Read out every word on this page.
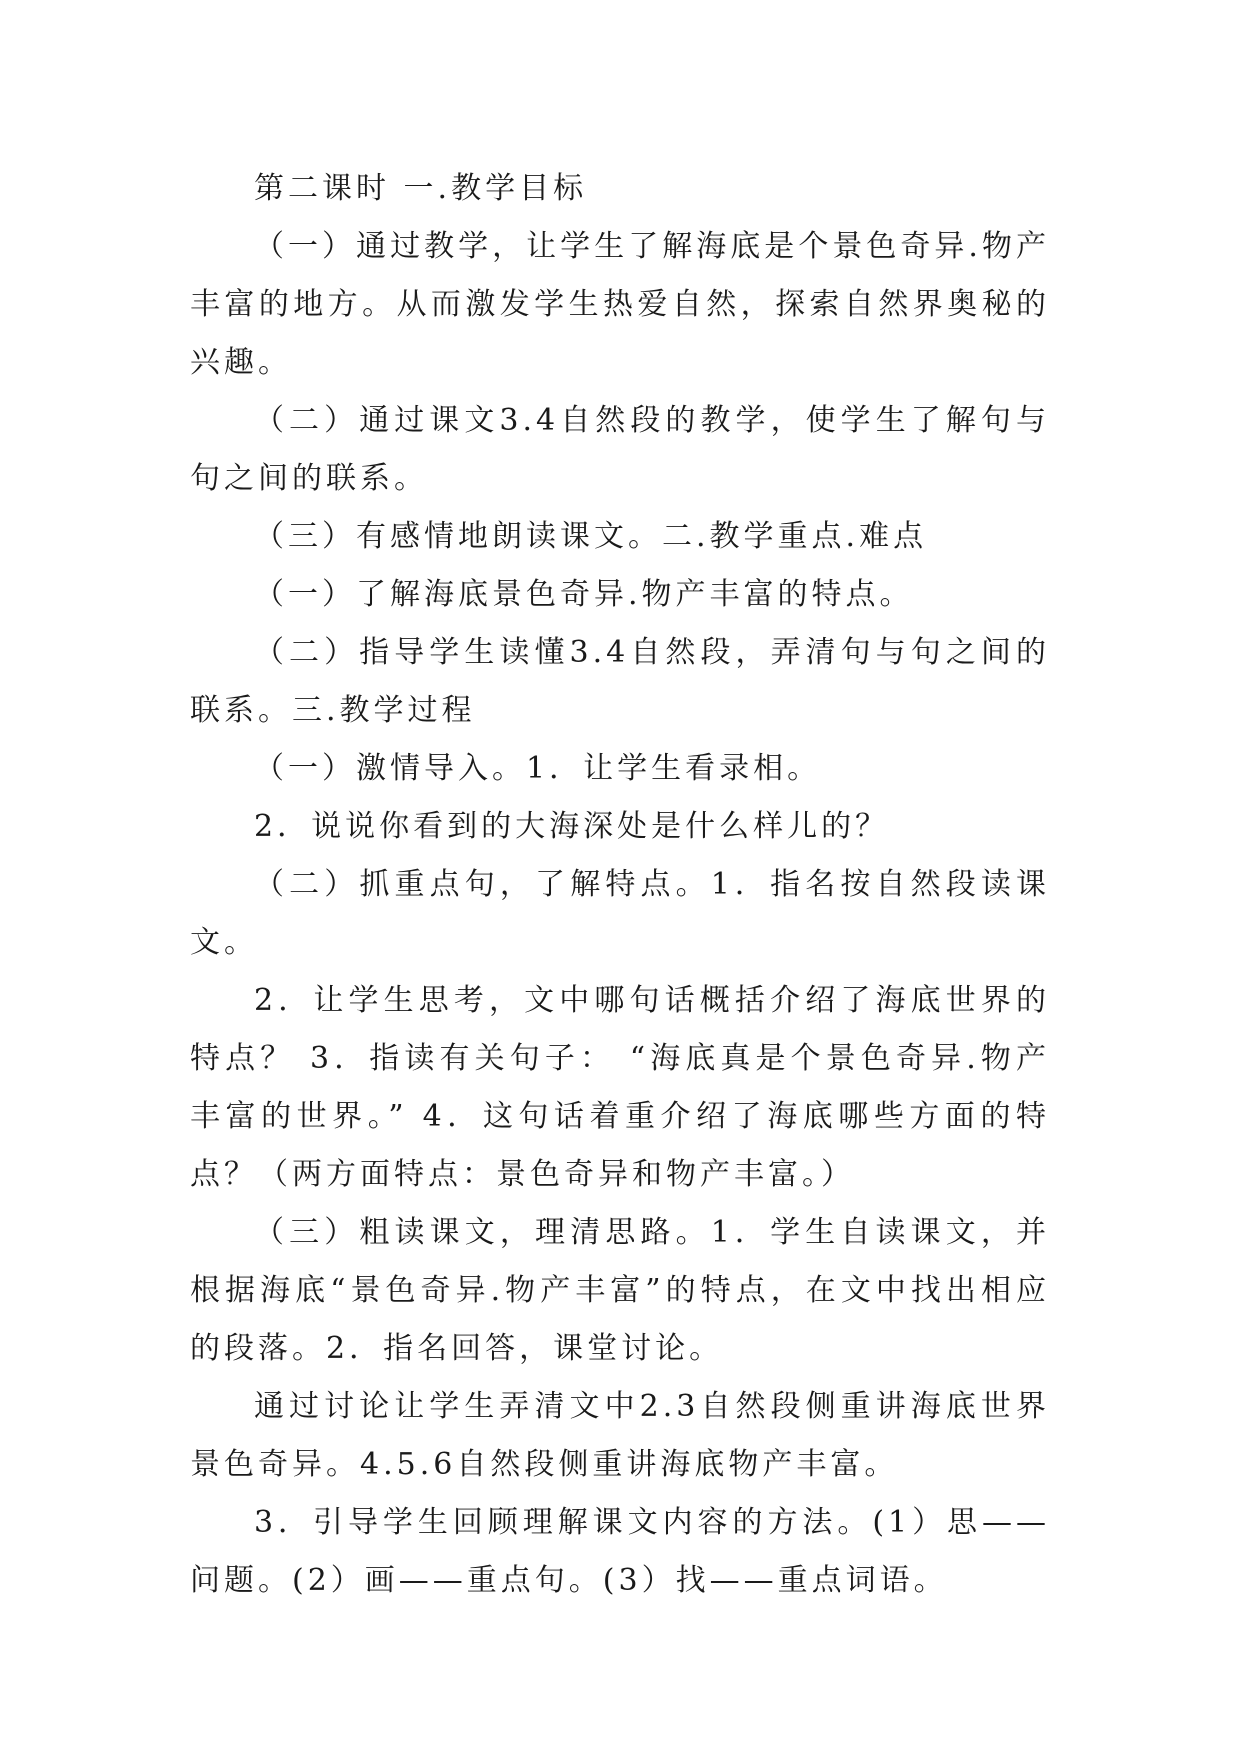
第二课时 一.教学目标

（一）通过教学，让学生了解海底是个景色奇异.物产丰富的地方。从而激发学生热爱自然，探索自然界奥秘的兴趣。

（二）通过课文3.4自然段的教学，使学生了解句与句之间的联系。

（三）有感情地朗读课文。二.教学重点.难点

（一）了解海底景色奇异.物产丰富的特点。

（二）指导学生读懂3.4自然段，弄清句与句之间的联系。三.教学过程

（一）激情导入。1．让学生看录相。

2．说说你看到的大海深处是什么样儿的？

（二）抓重点句，了解特点。1．指名按自然段读课文。

2．让学生思考，文中哪句话概括介绍了海底世界的特点？ 3．指读有关句子： “海底真是个景色奇异.物产丰富的世界。” 4．这句话着重介绍了海底哪些方面的特点？（两方面特点：景色奇异和物产丰富。）

（三）粗读课文，理清思路。1．学生自读课文，并根据海底“景色奇异.物产丰富”的特点，在文中找出相应的段落。2．指名回答，课堂讨论。

通过讨论让学生弄清文中2.3自然段侧重讲海底世界景色奇异。4.5.6自然段侧重讲海底物产丰富。

3．引导学生回顾理解课文内容的方法。(1）思——问题。(2）画——重点句。(3）找——重点词语。
